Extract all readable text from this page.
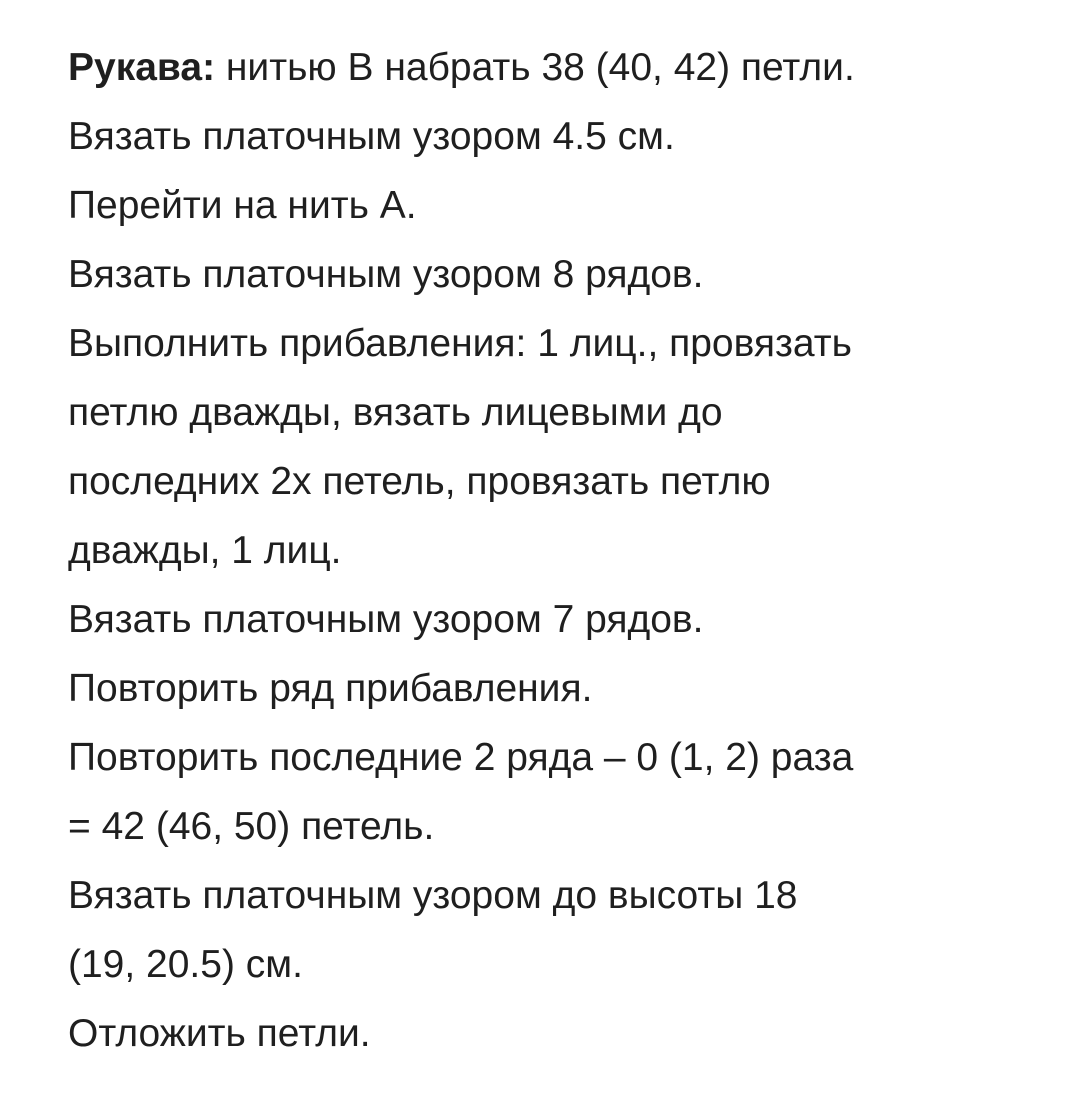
Рукава: нитью В набрать 38 (40, 42) петли.
Вязать платочным узором 4.5 см.
Перейти на нить А.
Вязать платочным узором 8 рядов.
Выполнить прибавления: 1 лиц., провязать
петлю дважды, вязать лицевыми до
последних 2х петель, провязать петлю
дважды, 1 лиц.
Вязать платочным узором 7 рядов.
Повторить ряд прибавления.
Повторить последние 2 ряда – 0 (1, 2) раза
= 42 (46, 50) петель.
Вязать платочным узором до высоты 18
(19, 20.5) см.
Отложить петли.
